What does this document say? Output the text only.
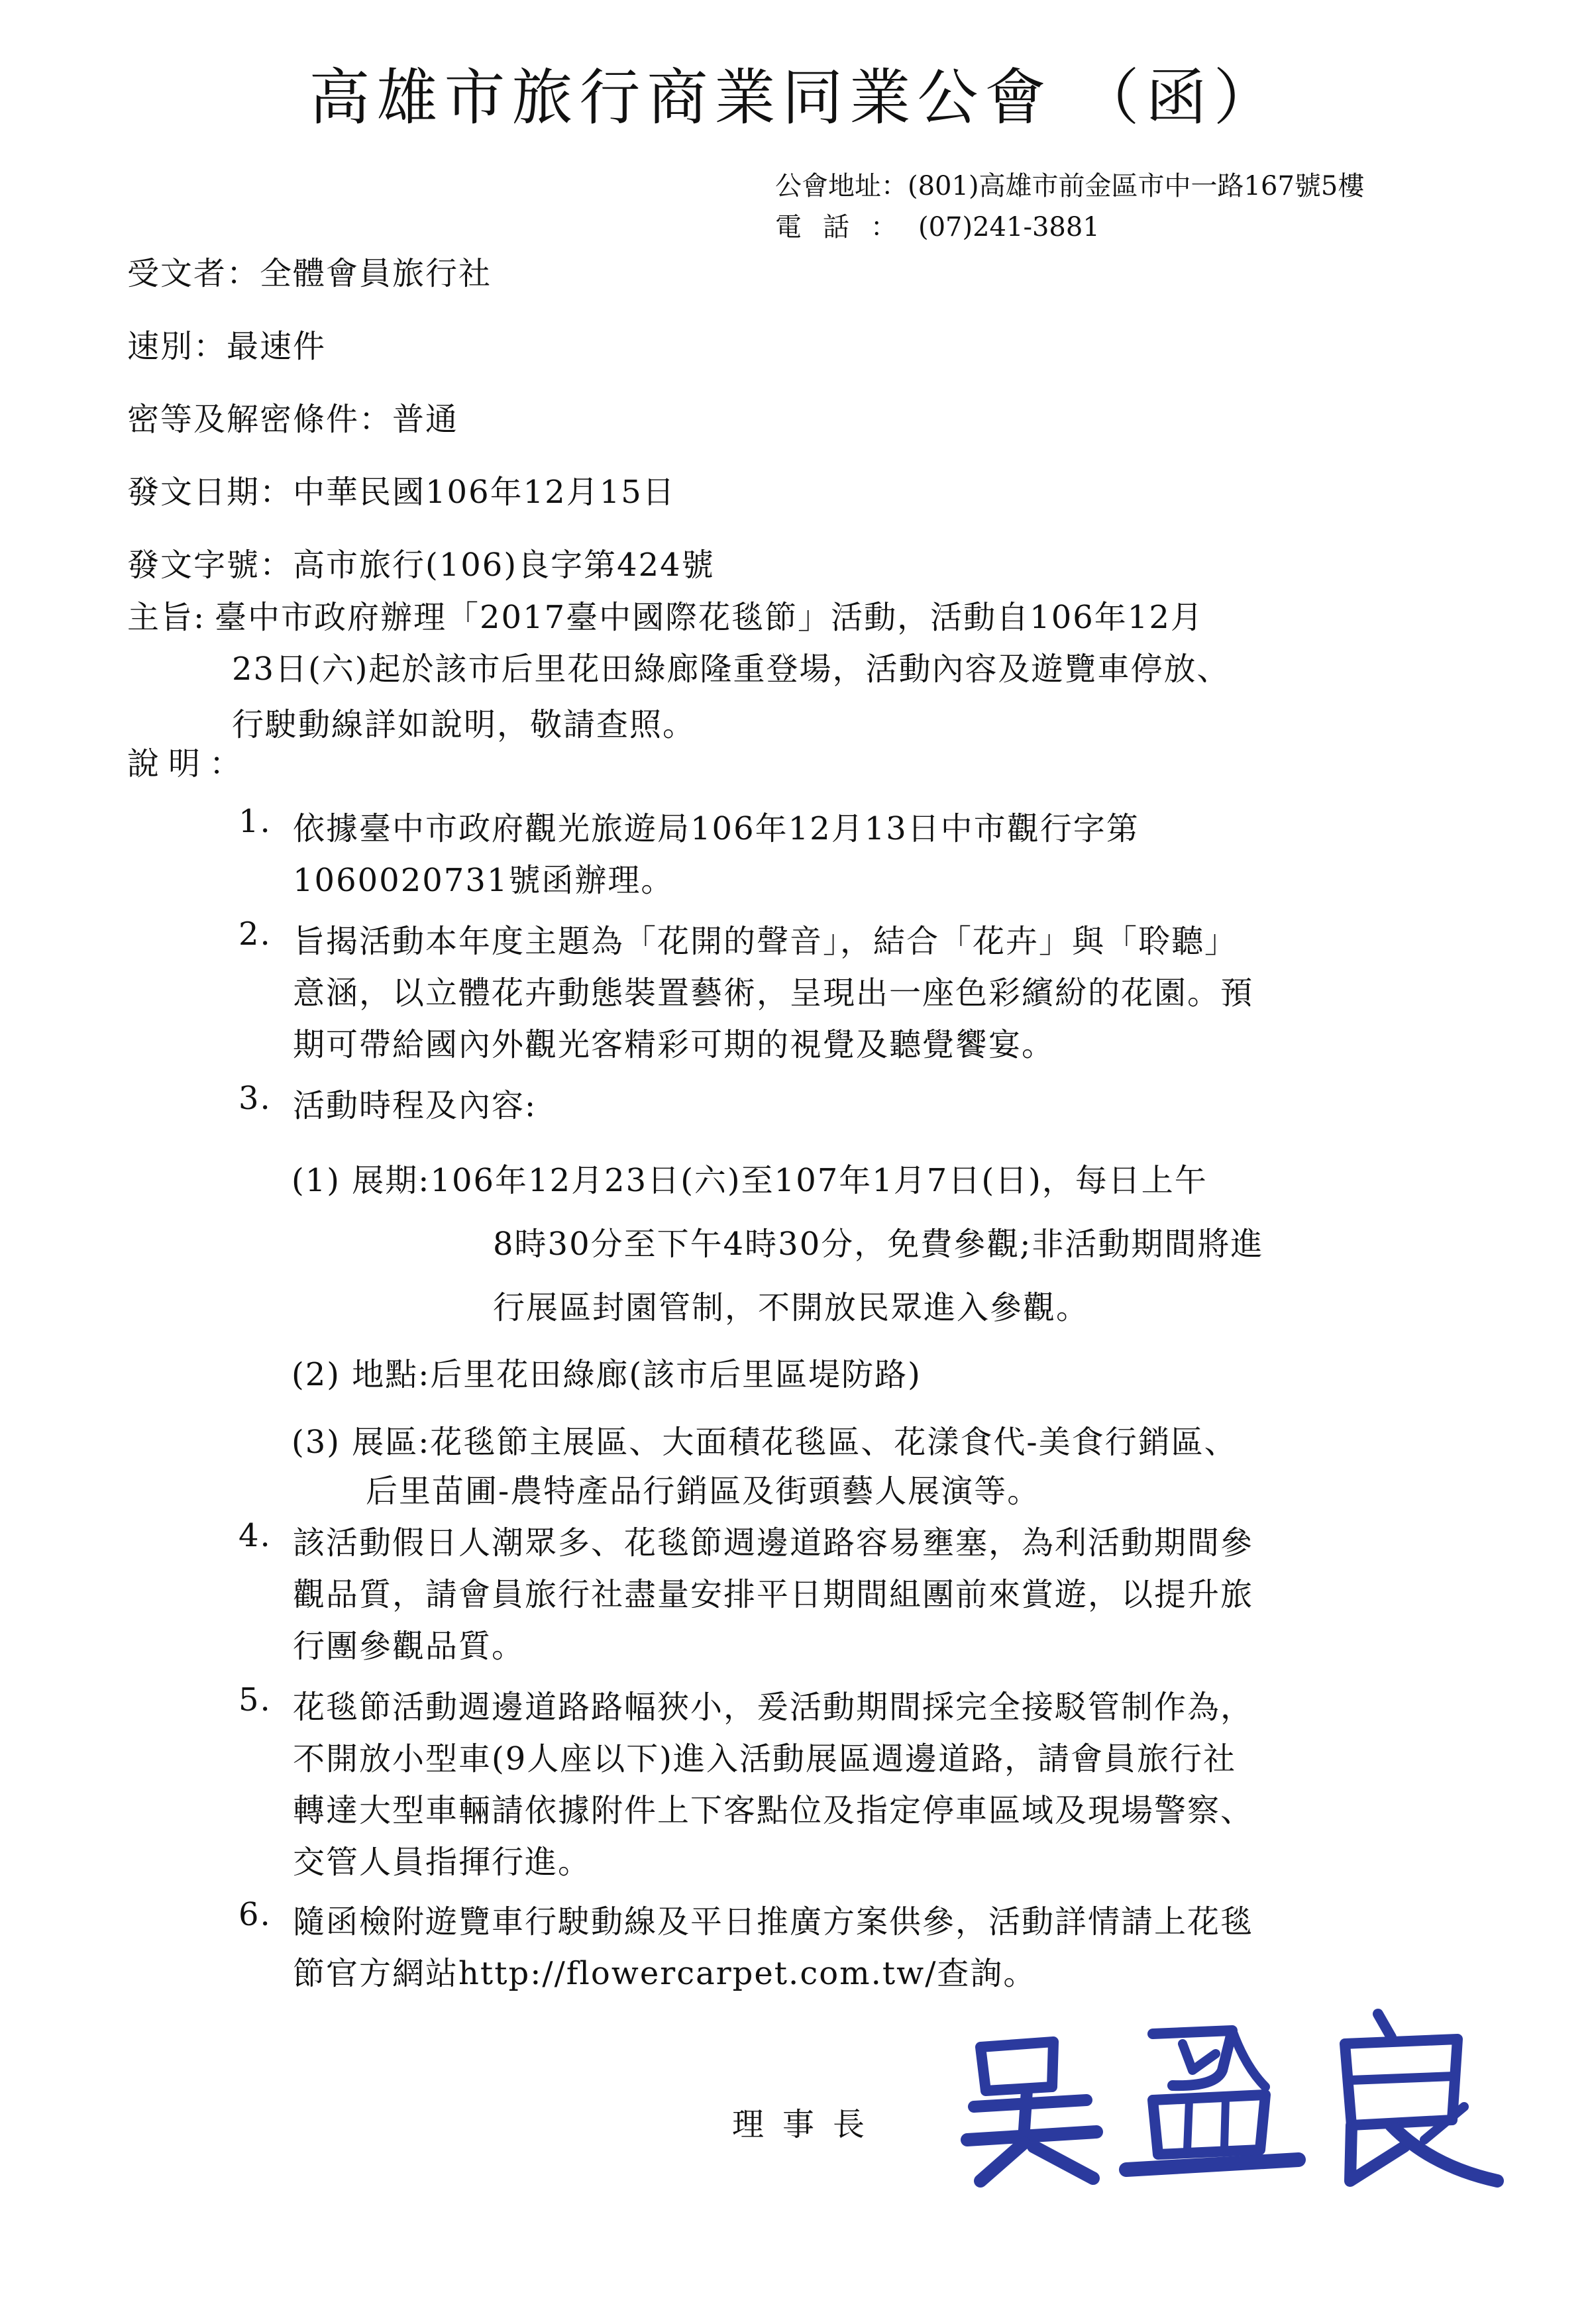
高雄市旅行商業同業公會 （函）
公會地址：(801)高雄市前金區市中一路167號5樓
電話：(07)241-3881
受文者：全體會員旅行社
速別：最速件
密等及解密條件：普通
發文日期：中華民國106年12月15日
發文字號：高市旅行(106)良字第424號
主旨: 臺中市政府辦理「2017臺中國際花毯節」活動，活動自106年12月
23日(六)起於該市后里花田綠廊隆重登場，活動內容及遊覽車停放、
行駛動線詳如說明，敬請查照。
說明：
1. 依據臺中市政府觀光旅遊局106年12月13日中市觀行字第
1060020731號函辦理。
2. 旨揭活動本年度主題為「花開的聲音」，結合「花卉」與「聆聽」
意涵，以立體花卉動態裝置藝術，呈現出一座色彩繽紛的花園。預
期可帶給國內外觀光客精彩可期的視覺及聽覺饗宴。
3. 活動時程及內容:
(1) 展期:106年12月23日(六)至107年1月7日(日)，每日上午
8時30分至下午4時30分，免費參觀;非活動期間將進
行展區封園管制，不開放民眾進入參觀。
(2) 地點:后里花田綠廊(該市后里區堤防路)
(3) 展區:花毯節主展區、大面積花毯區、花漾食代-美食行銷區、
后里苗圃-農特產品行銷區及街頭藝人展演等。
4. 該活動假日人潮眾多、花毯節週邊道路容易壅塞，為利活動期間參
觀品質，請會員旅行社盡量安排平日期間組團前來賞遊，以提升旅
行團參觀品質。
5. 花毯節活動週邊道路路幅狹小，爰活動期間採完全接駁管制作為，
不開放小型車(9人座以下)進入活動展區週邊道路，請會員旅行社
轉達大型車輛請依據附件上下客點位及指定停車區域及現場警察、
交管人員指揮行進。
6. 隨函檢附遊覽車行駛動線及平日推廣方案供參，活動詳情請上花毯
節官方網站http://flowercarpet.com.tw/查詢。
理事長
